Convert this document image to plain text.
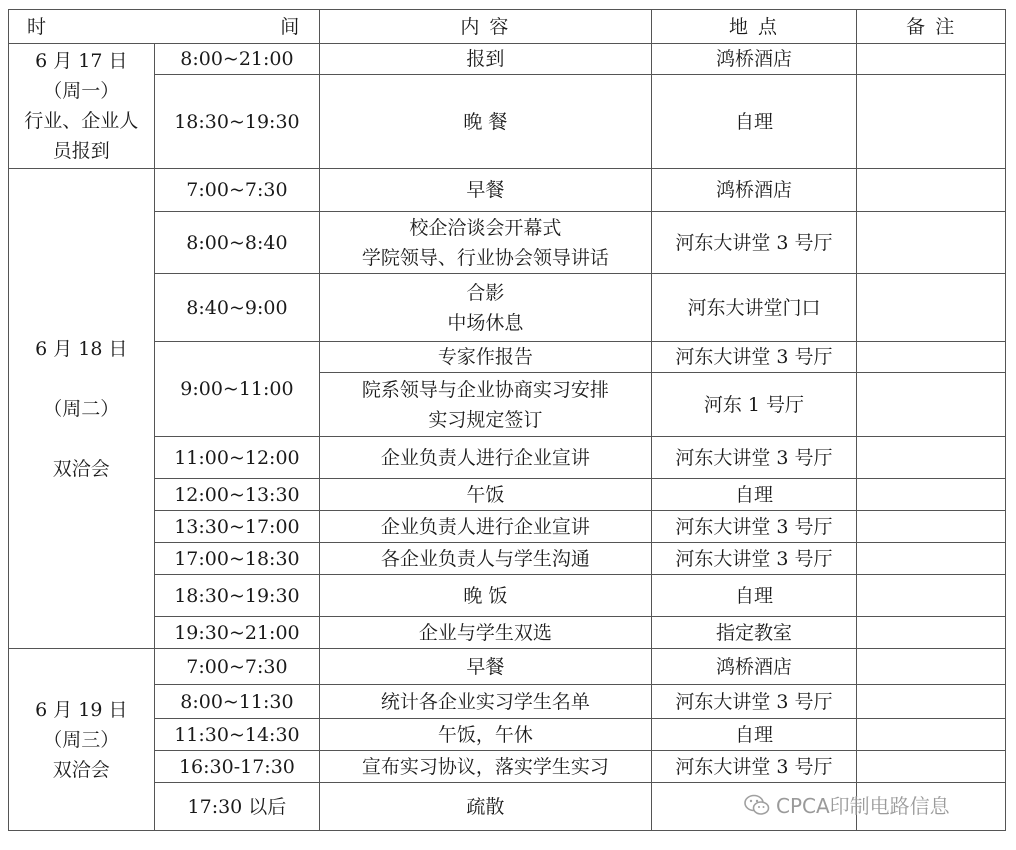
时 间		内 容	地 点	备 注

6 月 17 日
（周一）
行业、企业人
员报到	8:00~21:00	报到	鸿桥酒店	
	18:30~19:30	晚 餐	自理	

6 月 18 日
（周二）
双洽会	7:00~7:30	早餐	鸿桥酒店	
	8:00~8:40	校企洽谈会开幕式
学院领导、行业协会领导讲话	河东大讲堂 3 号厅	
	8:40~9:00	合影
中场休息	河东大讲堂门口	
	9:00~11:00	专家作报告	河东大讲堂 3 号厅	

		院系领导与企业协商实习安排
实习规定签订	河东 1 号厅	
	11:00~12:00	企业负责人进行企业宣讲	河东大讲堂 3 号厅	
	12:00~13:30	午饭	自理	
	13:30~17:00	企业负责人进行企业宣讲	河东大讲堂 3 号厅	
	17:00~18:30	各企业负责人与学生沟通	河东大讲堂 3 号厅	
	18:30~19:30	晚 饭	自理	
	19:30~21:00	企业与学生双选	指定教室	

6 月 19 日
（周三）
双洽会	7:00~7:30	早餐	鸿桥酒店	
	8:00~11:30	统计各企业实习学生名单	河东大讲堂 3 号厅	
	11:30~14:30	午饭，午休	自理	
	16:30-17:30	宣布实习协议，落实学生实习	河东大讲堂 3 号厅	
	17:30 以后	疏散			CPCA印制电路信息
